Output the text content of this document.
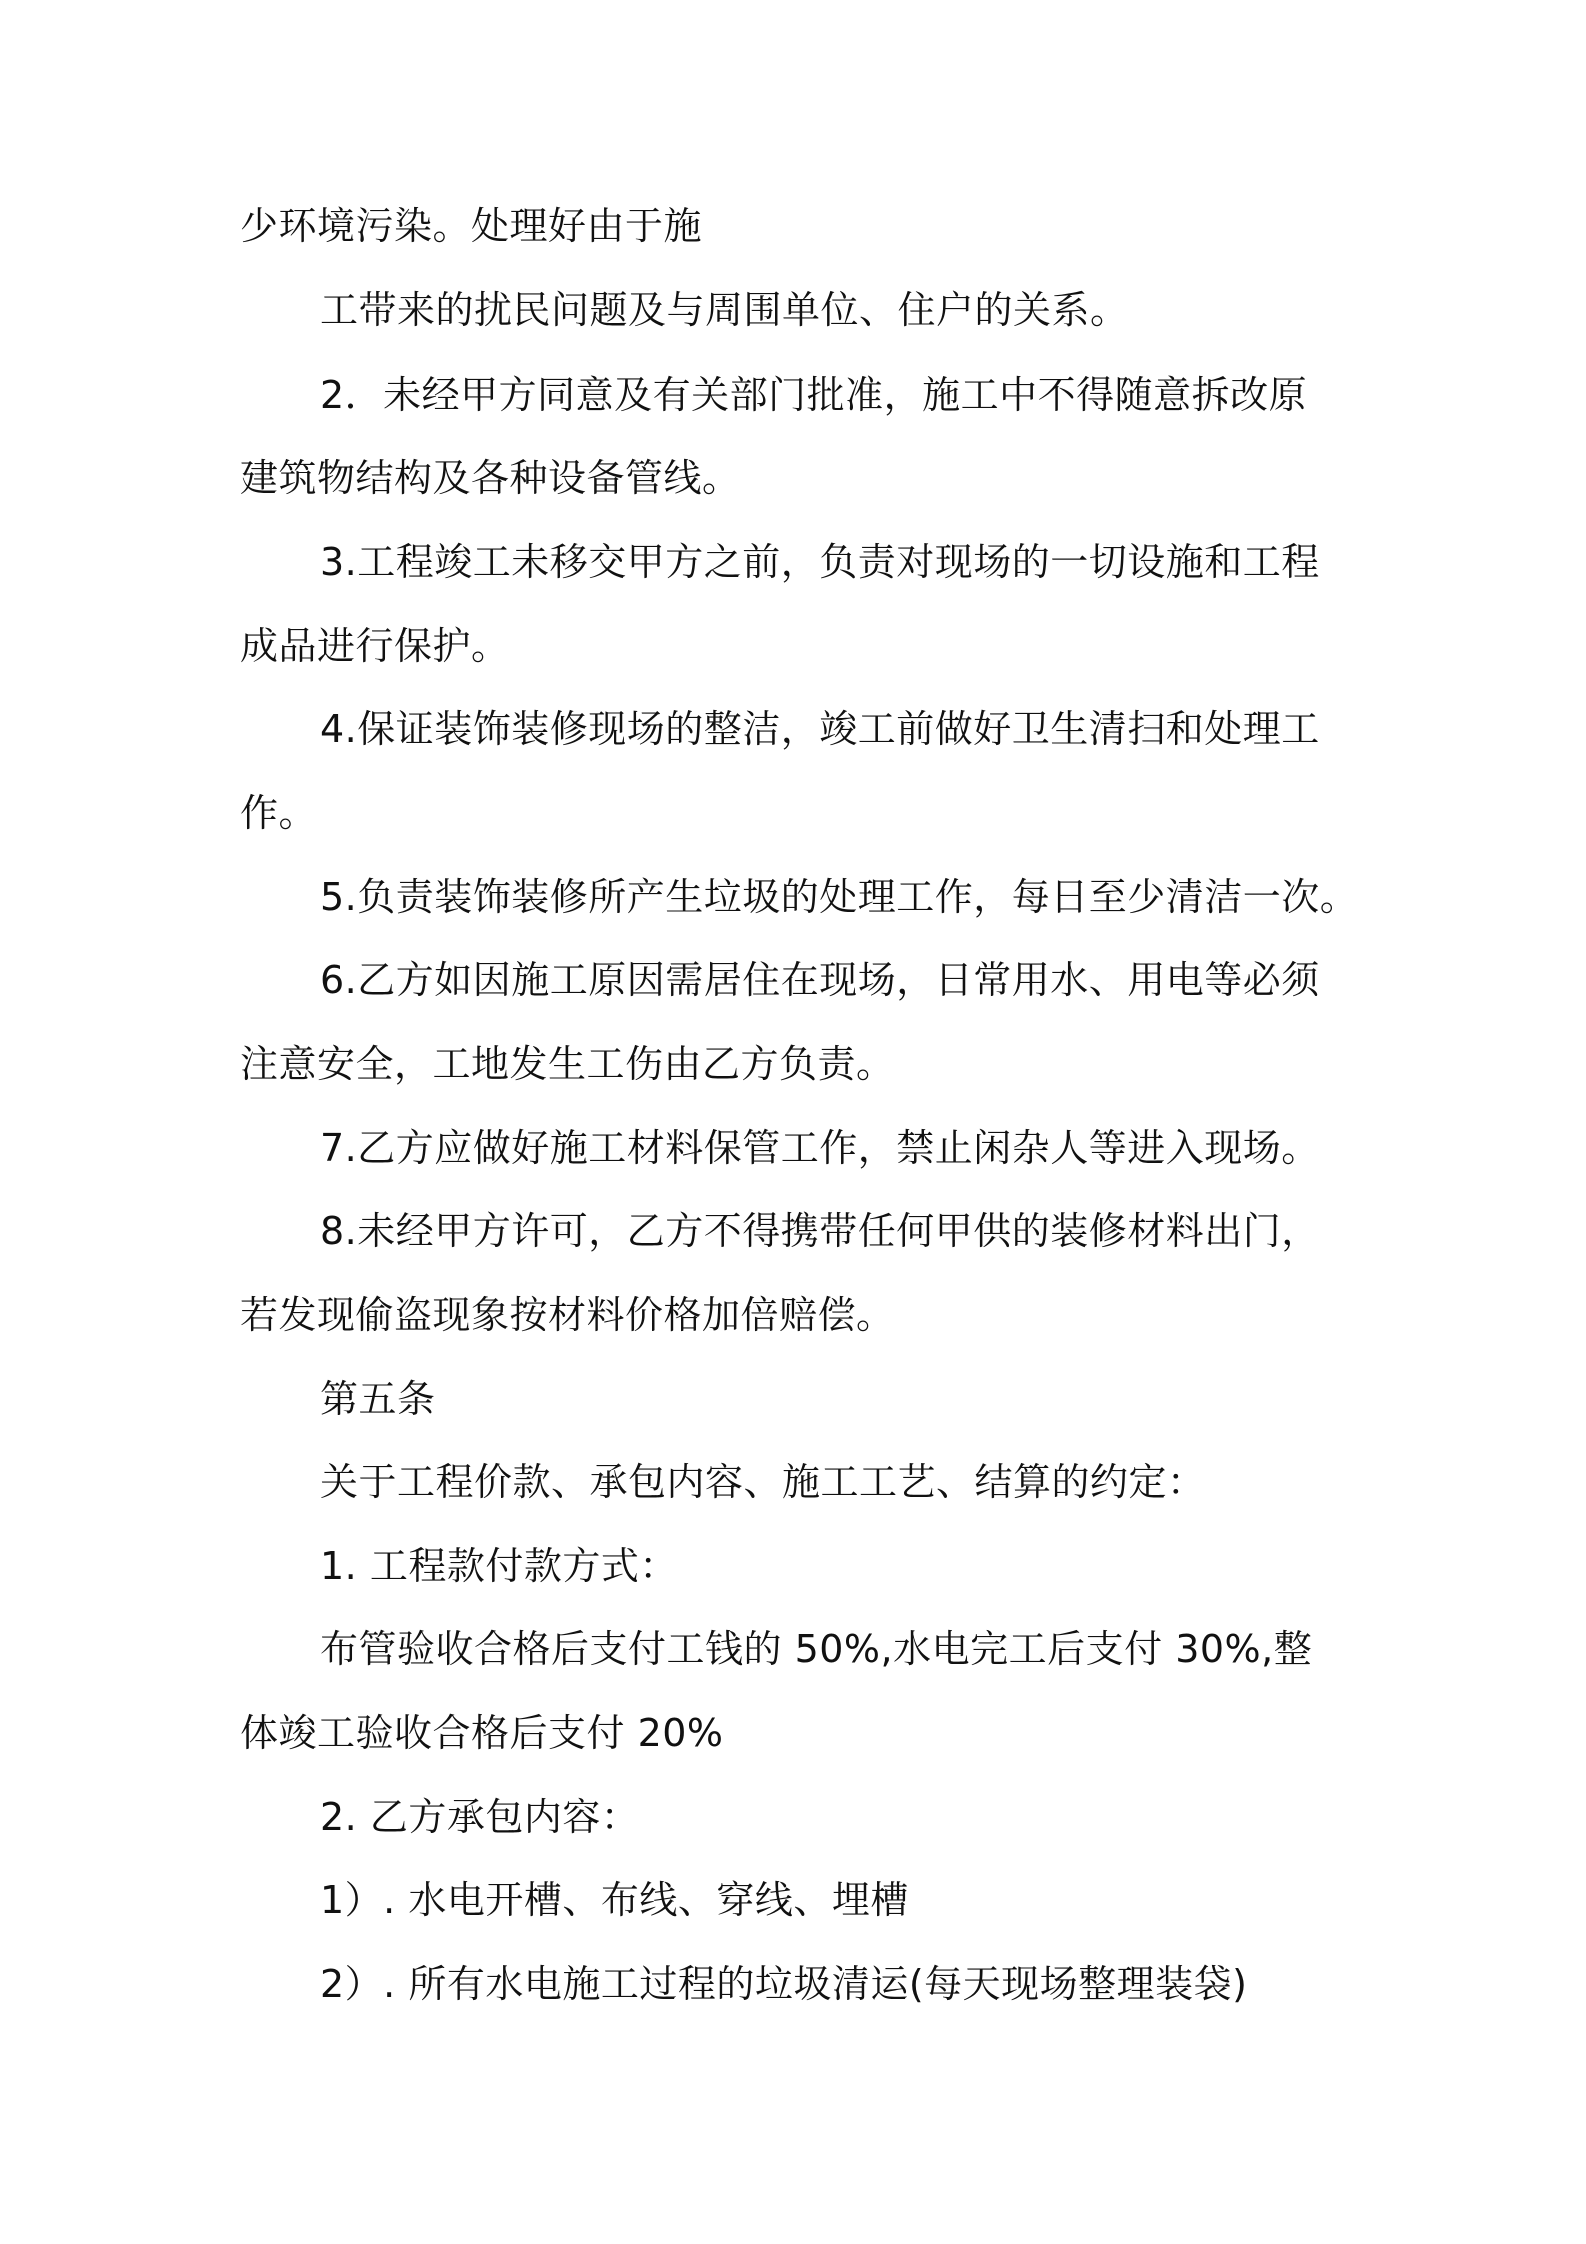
少环境污染。处理好由于施
工带来的扰民问题及与周围单位、住户的关系。
2．未经甲方同意及有关部门批准，施工中不得随意拆改原
建筑物结构及各种设备管线。
3.工程竣工未移交甲方之前，负责对现场的一切设施和工程
成品进行保护。
4.保证装饰装修现场的整洁，竣工前做好卫生清扫和处理工
作。
5.负责装饰装修所产生垃圾的处理工作，每日至少清洁一次。
6.乙方如因施工原因需居住在现场，日常用水、用电等必须
注意安全，工地发生工伤由乙方负责。
7.乙方应做好施工材料保管工作，禁止闲杂人等进入现场。
8.未经甲方许可，乙方不得携带任何甲供的装修材料出门，
若发现偷盗现象按材料价格加倍赔偿。
第五条
关于工程价款、承包内容、施工工艺、结算的约定：
1. 工程款付款方式：
布管验收合格后支付工钱的 50%,水电完工后支付 30%,整
体竣工验收合格后支付 20%
2. 乙方承包内容：
1）. 水电开槽、布线、穿线、埋槽
2）. 所有水电施工过程的垃圾清运(每天现场整理装袋)
